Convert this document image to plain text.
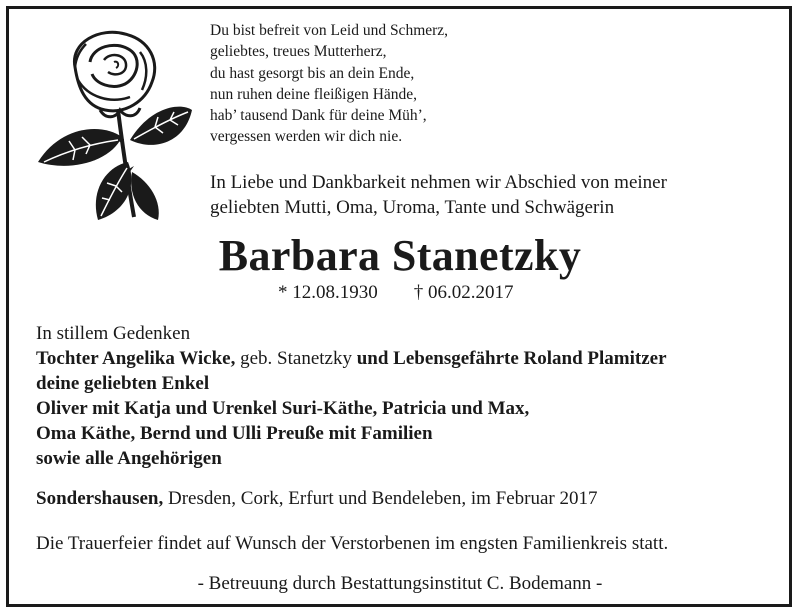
Du bist befreit von Leid und Schmerz,
geliebtes, treues Mutterherz,
du hast gesorgt bis an dein Ende,
nun ruhen deine fleißigen Hände,
hab’ tausend Dank für deine Müh’,
vergessen werden wir dich nie.
In Liebe und Dankbarkeit nehmen wir Abschied von meiner
geliebten Mutti, Oma, Uroma, Tante und Schwägerin
Barbara Stanetzky
* 12.08.1930 † 06.02.2017
In stillem Gedenken
Tochter Angelika Wicke, geb. Stanetzky und Lebensgefährte Roland Plamitzer
deine geliebten Enkel
Oliver mit Katja und Urenkel Suri-Käthe, Patricia und Max,
Oma Käthe, Bernd und Ulli Preuße mit Familien
sowie alle Angehörigen
Sondershausen, Dresden, Cork, Erfurt und Bendeleben, im Februar 2017
Die Trauerfeier findet auf Wunsch der Verstorbenen im engsten Familienkreis statt.
- Betreuung durch Bestattungsinstitut C. Bodemann -
